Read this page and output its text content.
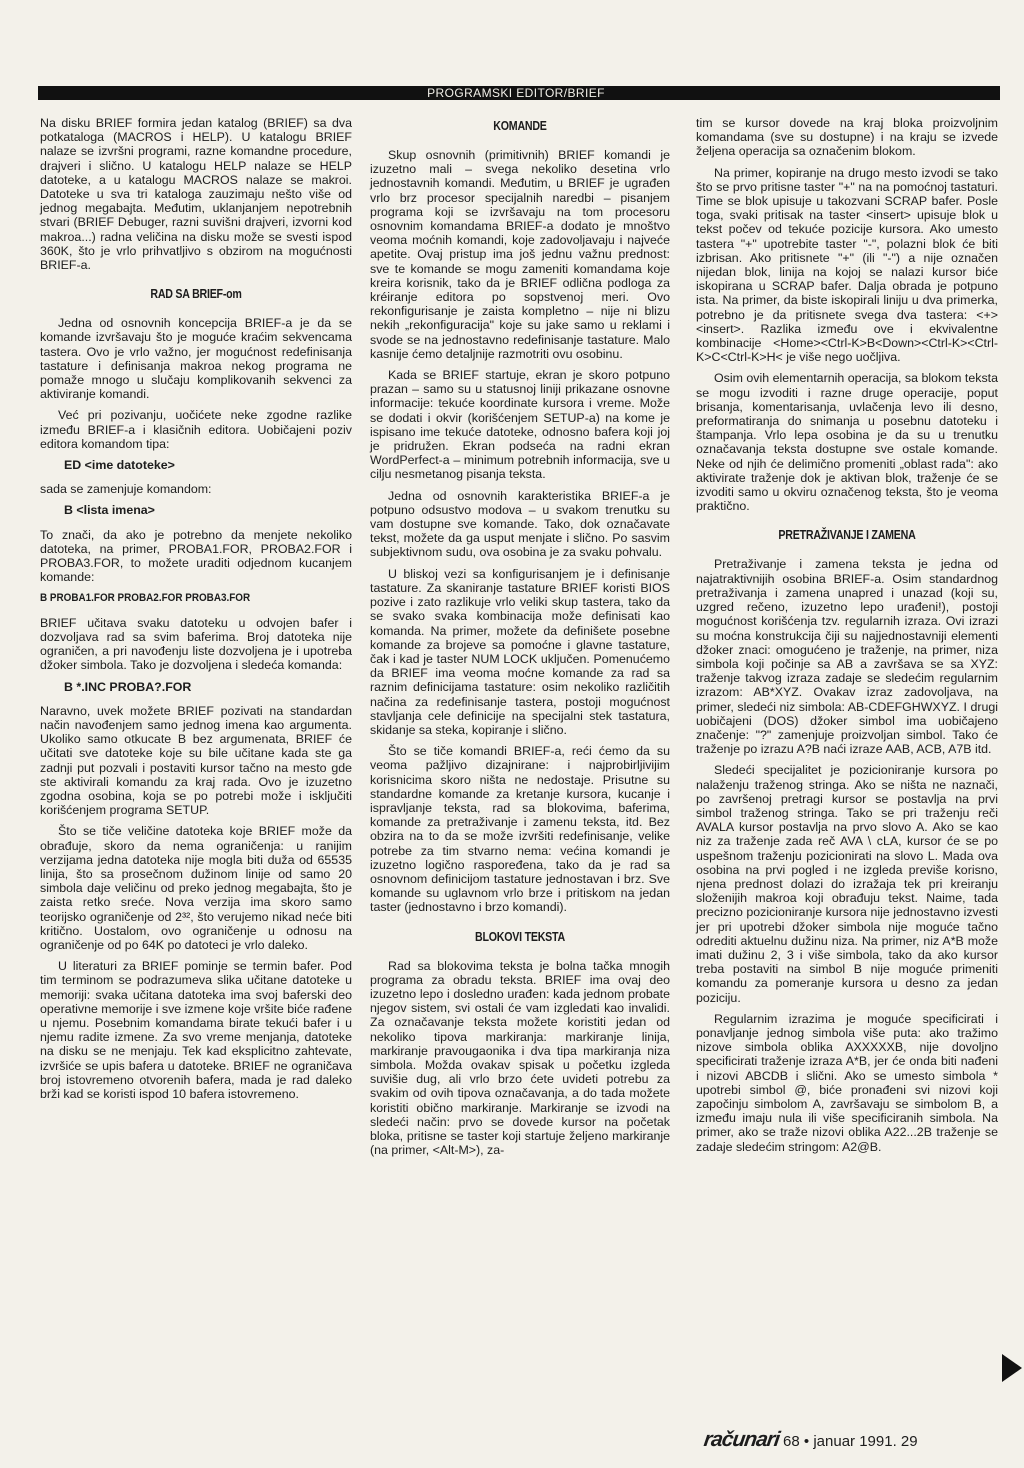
PROGRAMSKI EDITOR/BRIEF

Na disku BRIEF formira jedan katalog (BRIEF) sa dva potkataloga (MACROS i HELP). U katalogu BRIEF nalaze se izvršni programi, razne komandne procedure, drajveri i slično. U katalogu HELP nalaze se HELP datoteke, a u katalogu MACROS nalaze se makroi. Datoteke u sva tri kataloga zauzimaju nešto više od jednog megabajta. Međutim, uklanjanjem nepotrebnih stvari (BRIEF Debuger, razni suvišni drajveri, izvorni kod makroa...) radna veličina na disku može se svesti ispod 360K, što je vrlo prihvatljivo s obzirom na mogućnosti BRIEF-a.

RAD SA BRIEF-om

Jedna od osnovnih koncepcija BRIEF-a je da se komande izvršavaju što je moguće kraćim sekvencama tastera. Ovo je vrlo važno, jer mogućnost redefinisanja tastature i definisanja makroa nekog programa ne pomaže mnogo u slučaju komplikovanih sekvenci za aktiviranje komandi.

Već pri pozivanju, uočićete neke zgodne razlike između BRIEF-a i klasičnih editora. Uobičajeni poziv editora komandom tipa:

ED <ime datoteke>

sada se zamenjuje komandom:

B <lista imena>

To znači, da ako je potrebno da menjete nekoliko datoteka, na primer, PROBA1.FOR, PROBA2.FOR i PROBA3.FOR, to možete uraditi odjednom kucanjem komande:

B PROBA1.FOR PROBA2.FOR PROBA3.FOR

BRIEF učitava svaku datoteku u odvojen bafer i dozvoljava rad sa svim baferima. Broj datoteka nije ograničen, a pri navođenju liste dozvoljena je i upotreba džoker simbola. Tako je dozvoljena i sledeća komanda:

B *.INC PROBA?.FOR

Naravno, uvek možete BRIEF pozivati na standardan način navođenjem samo jednog imena kao argumenta. Ukoliko samo otkucate B bez argumenata, BRIEF će učitati sve datoteke koje su bile učitane kada ste ga zadnji put pozvali i postaviti kursor tačno na mesto gde ste aktivirali komandu za kraj rada. Ovo je izuzetno zgodna osobina, koja se po potrebi može i isključiti korišćenjem programa SETUP.

Što se tiče veličine datoteka koje BRIEF može da obrađuje, skoro da nema ograničenja: u ranijim verzijama jedna datoteka nije mogla biti duža od 65535 linija, što sa prosečnom dužinom linije od samo 20 simbola daje veličinu od preko jednog megabajta, što je zaista retko sreće. Nova verzija ima skoro samo teorijsko ograničenje od 2³², što verujemo nikad neće biti kritično. Uostalom, ovo ograničenje u odnosu na ograničenje od po 64K po datoteci je vrlo daleko.

U literaturi za BRIEF pominje se termin bafer. Pod tim terminom se podrazumeva slika učitane datoteke u memoriji: svaka učitana datoteka ima svoj baferski deo operativne memorije i sve izmene koje vršite biće rađene u njemu. Posebnim komandama birate tekući bafer i u njemu radite izmene. Za svo vreme menjanja, datoteke na disku se ne menjaju. Tek kad eksplicitno zahtevate, izvršiće se upis bafera u datoteke. BRIEF ne ograničava broj istovremeno otvorenih bafera, mada je rad daleko brži kad se koristi ispod 10 bafera istovremeno.

KOMANDE

Skup osnovnih (primitivnih) BRIEF komandi je izuzetno mali – svega nekoliko desetina vrlo jednostavnih komandi. Međutim, u BRIEF je ugrađen vrlo brz procesor specijalnih naredbi – pisanjem programa koji se izvršavaju na tom procesoru osnovnim komandama BRIEF-a dodato je mnoštvo veoma moćnih komandi, koje zadovoljavaju i najveće apetite. Ovaj pristup ima još jednu važnu prednost: sve te komande se mogu zameniti komandama koje kreira korisnik, tako da je BRIEF odlična podloga za kréiranje editora po sopstvenoj meri. Ovo rekonfigurisanje je zaista kompletno – nije ni blizu nekih „rekonfiguracija" koje su jake samo u reklami i svode se na jednostavno redefinisanje tastature. Malo kasnije ćemo detaljnije razmotriti ovu osobinu.

Kada se BRIEF startuje, ekran je skoro potpuno prazan – samo su u statusnoj liniji prikazane osnovne informacije: tekuće koordinate kursora i vreme. Može se dodati i okvir (korišćenjem SETUP-a) na kome je ispisano ime tekuće datoteke, odnosno bafera koji joj je pridružen. Ekran podseća na radni ekran WordPerfect-a – minimum potrebnih informacija, sve u cilju nesmetanog pisanja teksta.

Jedna od osnovnih karakteristika BRIEF-a je potpuno odsustvo modova – u svakom trenutku su vam dostupne sve komande. Tako, dok označavate tekst, možete da ga usput menjate i slično. Po sasvim subjektivnom sudu, ova osobina je za svaku pohvalu.

U bliskoj vezi sa konfigurisanjem je i definisanje tastature. Za skaniranje tastature BRIEF koristi BIOS pozive i zato razlikuje vrlo veliki skup tastera, tako da se svako svaka kombinacija može definisati kao komanda. Na primer, možete da definišete posebne komande za brojeve sa pomoćne i glavne tastature, čak i kad je taster NUM LOCK uključen. Pomenućemo da BRIEF ima veoma moćne komande za rad sa raznim definicijama tastature: osim nekoliko različitih načina za redefinisanje tastera, postoji mogućnost stavljanja cele definicije na specijalni stek tastatura, skidanje sa steka, kopiranje i slično.

Što se tiče komandi BRIEF-a, reći ćemo da su veoma pažljivo dizajnirane: i najprobirljivijim korisnicima skoro ništa ne nedostaje. Prisutne su standardne komande za kretanje kursora, kucanje i ispravljanje teksta, rad sa blokovima, baferima, komande za pretraživanje i zamenu teksta, itd. Bez obzira na to da se može izvršiti redefinisanje, velike potrebe za tim stvarno nema: većina komandi je izuzetno logično raspoređena, tako da je rad sa osnovnom definicijom tastature jednostavan i brz. Sve komande su uglavnom vrlo brze i pritiskom na jedan taster (jednostavno i brzo komandi).

BLOKOVI TEKSTA

Rad sa blokovima teksta je bolna tačka mnogih programa za obradu teksta. BRIEF ima ovaj deo izuzetno lepo i dosledno urađen: kada jednom probate njegov sistem, svi ostali će vam izgledati kao invalidi. Za označavanje teksta možete koristiti jedan od nekoliko tipova markiranja: markiranje linija, markiranje pravougaonika i dva tipa markiranja niza simbola. Možda ovakav spisak u početku izgleda suvišie dug, ali vrlo brzo ćete uvideti potrebu za svakim od ovih tipova označavanja, a do tada možete koristiti obično markiranje. Markiranje se izvodi na sledeći način: prvo se dovede kursor na početak bloka, pritisne se taster koji startuje željeno markiranje (na primer, <Alt-M>), za-

tim se kursor dovede na kraj bloka proizvoljnim komandama (sve su dostupne) i na kraju se izvede željena operacija sa označenim blokom.

Na primer, kopiranje na drugo mesto izvodi se tako što se prvo pritisne taster "+" na na pomoćnoj tastaturi. Time se blok upisuje u takozvani SCRAP bafer. Posle toga, svaki pritisak na taster <insert> upisuje blok u tekst počev od tekuće pozicije kursora. Ako umesto tastera "+" upotrebite taster "-", polazni blok će biti izbrisan. Ako pritisnete "+" (ili "-") a nije označen nijedan blok, linija na kojoj se nalazi kursor biće iskopirana u SCRAP bafer. Dalja obrada je potpuno ista. Na primer, da biste iskopirali liniju u dva primerka, potrebno je da pritisnete svega dva tastera: <+><insert>. Razlika između ove i ekvivalentne kombinacije <Home><Ctrl-K>B<Down><Ctrl-K><Ctrl-K>C<Ctrl-K>H< je više nego uočljiva.

Osim ovih elementarnih operacija, sa blokom teksta se mogu izvoditi i razne druge operacije, poput brisanja, komentarisanja, uvlačenja levo ili desno, preformatiranja do snimanja u posebnu datoteku i štampanja. Vrlo lepa osobina je da su u trenutku označavanja teksta dostupne sve ostale komande. Neke od njih će delimično promeniti „oblast rada": ako aktivirate traženje dok je aktivan blok, traženje će se izvoditi samo u okviru označenog teksta, što je veoma praktično.

PRETRAŽIVANJE I ZAMENA

Pretraživanje i zamena teksta je jedna od najatraktivnijih osobina BRIEF-a. Osim standardnog pretraživanja i zamena unapred i unazad (koji su, uzgred rečeno, izuzetno lepo urađeni!), postoji mogućnost korišćenja tzv. regularnih izraza. Ovi izrazi su moćna konstrukcija čiji su najjednostavniji elementi džoker znaci: omogućeno je traženje, na primer, niza simbola koji počinje sa AB a završava se sa XYZ: traženje takvog izraza zadaje se sledećim regularnim izrazom: AB*XYZ. Ovakav izraz zadovoljava, na primer, sledeći niz simbola: AB-CDEFGHWXYZ. I drugi uobičajeni (DOS) džoker simbol ima uobičajeno značenje: "?" zamenjuje proizvoljan simbol. Tako će traženje po izrazu A?B naći izraze AAB, ACB, A7B itd.

Sledeći specijalitet je pozicioniranje kursora po nalaženju traženog stringa. Ako se ništa ne naznači, po završenoj pretragi kursor se postavlja na prvi simbol traženog stringa. Tako se pri traženju reči AVALA kursor postavlja na prvo slovo A. Ako se kao niz za traženje zada reč AVA \ cLA, kursor će se po uspešnom traženju pozicionirati na slovo L. Mada ova osobina na prvi pogled i ne izgleda previše korisno, njena prednost dolazi do izražaja tek pri kreiranju složenijih makroa koji obrađuju tekst. Naime, tada precizno pozicioniranje kursora nije jednostavno izvesti jer pri upotrebi džoker simbola nije moguće tačno odrediti aktuelnu dužinu niza. Na primer, niz A*B može imati dužinu 2, 3 i više simbola, tako da ako kursor treba postaviti na simbol B nije moguće primeniti komandu za pomeranje kursora u desno za jedan poziciju.

Regularnim izrazima je moguće specificirati i ponavljanje jednog simbola više puta: ako tražimo nizove simbola oblika AXXXXXB, nije dovoljno specificirati traženje izraza A*B, jer će onda biti nađeni i nizovi ABCDB i slični. Ako se umesto simbola * upotrebi simbol @, biće pronađeni svi nizovi koji započinju simbolom A, završavaju se simbolom B, a između imaju nula ili više specificiranih simbola. Na primer, ako se traže nizovi oblika A22...2B traženje se zadaje sledećim stringom: A2@B.

računari 68 • januar 1991. 29
